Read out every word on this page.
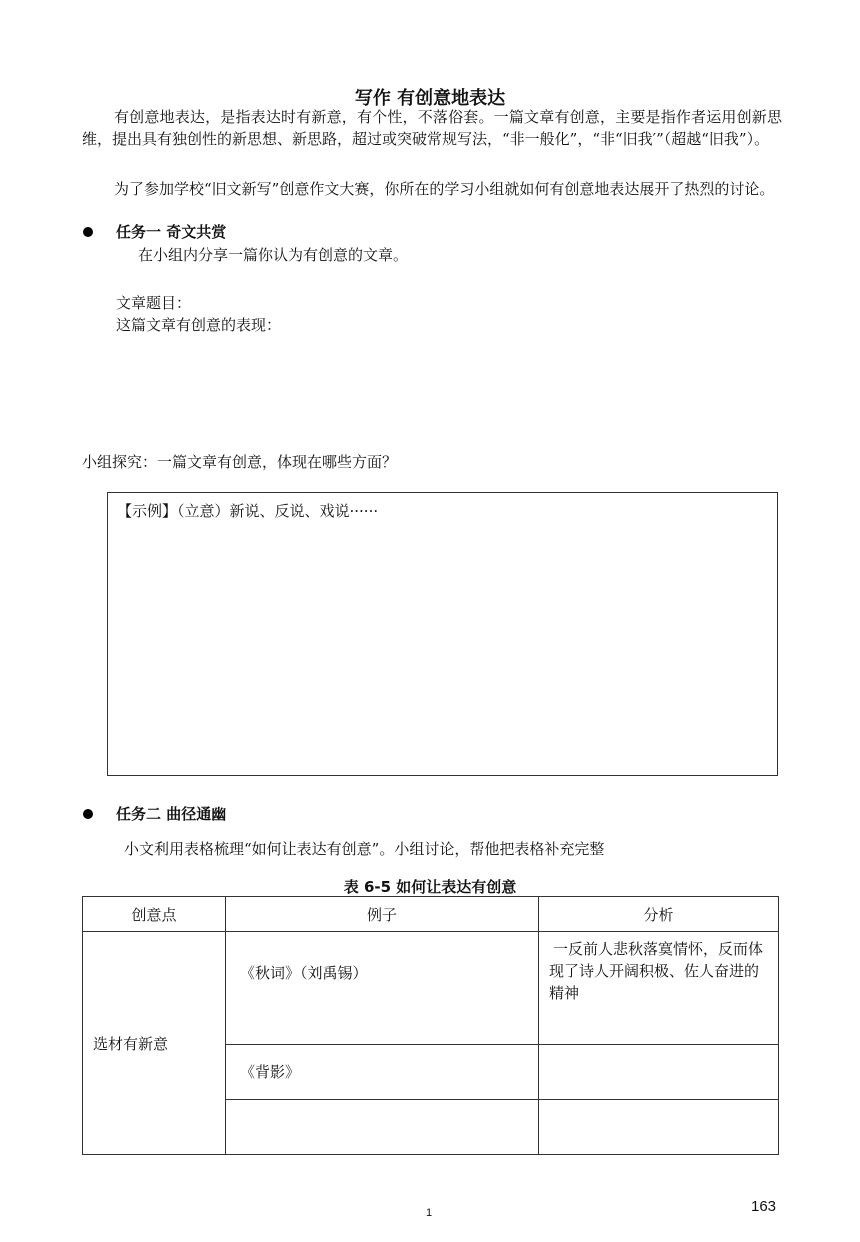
写作 有创意地表达
有创意地表达，是指表达时有新意，有个性，不落俗套。一篇文章有创意，主要是指作者运用创新思维，提出具有独创性的新思想、新思路，超过或突破常规写法，“非一般化”，“非“旧我′”（超越“旧我”）。
为了参加学校“旧文新写”创意作文大赛，你所在的学习小组就如何有创意地表达展开了热烈的讨论。
任务一 奇文共赏
在小组内分享一篇你认为有创意的文章。
文章题目：
这篇文章有创意的表现：
小组探究：一篇文章有创意，体现在哪些方面？
【示例】（立意）新说、反说、戏说······
任务二 曲径通幽
小文利用表格梳理“如何让表达有创意”。小组讨论，帮他把表格补充完整
表 6-5 如何让表达有创意
创意点	例子	分析

选材有新意	《秋词》（刘禹锡）	一反前人悲秋落寞情怀，反而体现了诗人开阔积极、佐人奋进的精神

	《背影》	

1	163
